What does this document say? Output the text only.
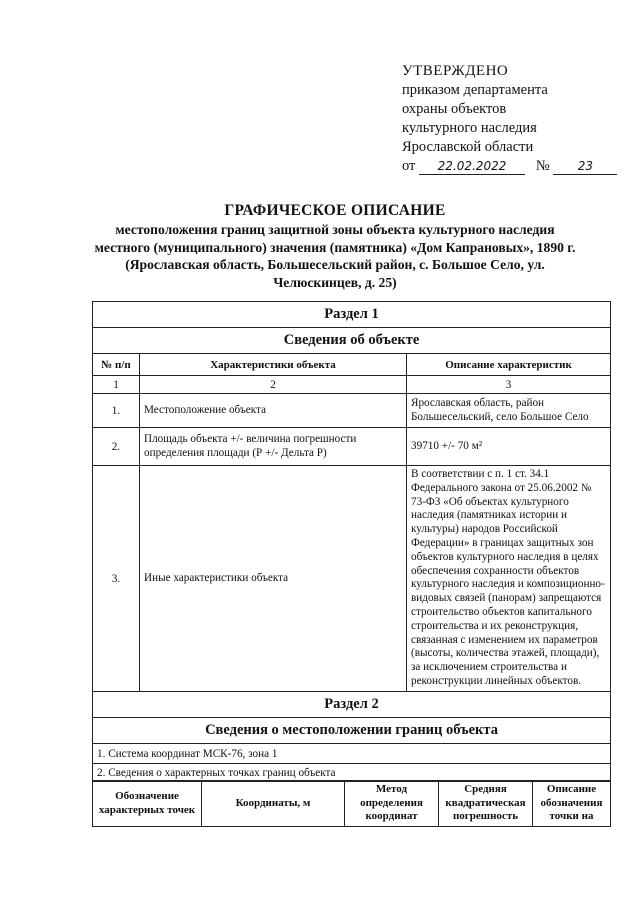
УТВЕРЖДЕНО
приказом департамента
охраны объектов
культурного наследия
Ярославской области
от 22.02.2022 № 23
ГРАФИЧЕСКОЕ ОПИСАНИЕ
местоположения границ защитной зоны объекта культурного наследия местного (муниципального) значения (памятника) «Дом Капрановых», 1890 г. (Ярославская область, Большесельский район, с. Большое Село, ул. Челюскинцев, д. 25)
Раздел 1		
Сведения об объекте		
№ п/п	Характеристики объекта	Описание характеристик
1	2	3
1.	Местоположение объекта	Ярославская область, район Большесельский, село Большое Село
2.	Площадь объекта +/- величина погрешности определения площади (Р +/- Дельта Р)	39710 +/- 70 м²
3.	Иные характеристики объекта	В соответствии с п. 1 ст. 34.1 Федерального закона от 25.06.2002 № 73-ФЗ «Об объектах культурного наследия (памятниках истории и культуры) народов Российской Федерации» в границах защитных зон объектов культурного наследия в целях обеспечения сохранности объектов культурного наследия и композиционно-видовых связей (панорам) запрещаются строительство объектов капитального строительства и их реконструкция, связанная с изменением их параметров (высоты, количества этажей, площади), за исключением строительства и реконструкции линейных объектов.
Раздел 2		
Сведения о местоположении границ объекта		
1. Система координат МСК-76, зона 1		
2. Сведения о характерных точках границ объекта		
Обозначение характерных точек	Координаты, м	Метод определения координат	Средняя квадратическая погрешность	Описание обозначения точки на
